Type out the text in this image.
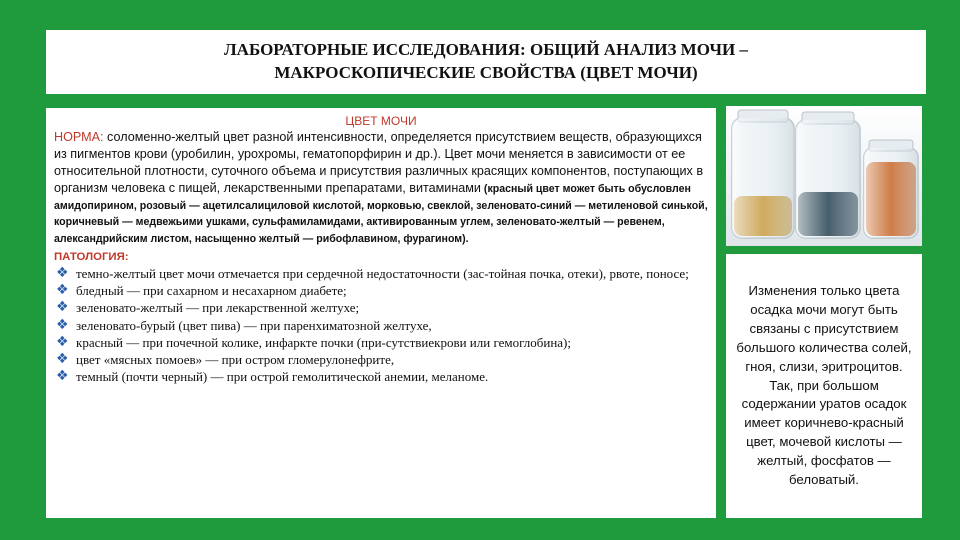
ЛАБОРАТОРНЫЕ ИССЛЕДОВАНИЯ: ОБЩИЙ АНАЛИЗ МОЧИ –
МАКРОСКОПИЧЕСКИЕ СВОЙСТВА (ЦВЕТ МОЧИ)
ЦВЕТ МОЧИ

НОРМА: соломенно-желтый цвет разной интенсивности, определяется присутствием веществ, образующихся из пигментов крови (уробилин, урохромы, гематопорфирин и др.). Цвет мочи меняется в зависимости от ее относительной плотности, суточного объема и присутствия различных красящих компонентов, поступающих в организм человека с пищей, лекарственными препаратами, витаминами (красный цвет может быть обусловлен амидопирином, розовый — ацетилсалициловой кислотой, морковью, свеклой, зеленовато-синий — метиленовой синькой, коричневый — медвежьими ушками, сульфамиламидами, активированным углем, зеленовато-желтый — ревенем, александрийским листом, насыщенно желтый — рибофлавином, фурагином).

ПАТОЛОГИЯ:
❖ темно-желтый цвет мочи отмечается при сердечной недостаточности (зас-тойная почка, отеки), рвоте, поносе;
❖ бледный — при сахарном и несахарном диабете;
❖ зеленовато-желтый — при лекарственной желтухе;
❖ зеленовато-бурый (цвет пива) — при паренхиматозной желтухе,
❖ красный — при почечной колике, инфаркте почки (при-сутствиекрови или гемоглобина);
❖ цвет «мясных помоев» — при остром гломерулонефрите,
❖ темный (почти черный) — при острой гемолитической анемии, меланоме.
Изменения только цвета осадка мочи могут быть связаны с присутствием большого количества солей, гноя, слизи, эритроцитов. Так, при большом содержании уратов осадок имеет коричнево-красный цвет, мочевой кислоты — желтый, фосфатов — беловатый.
